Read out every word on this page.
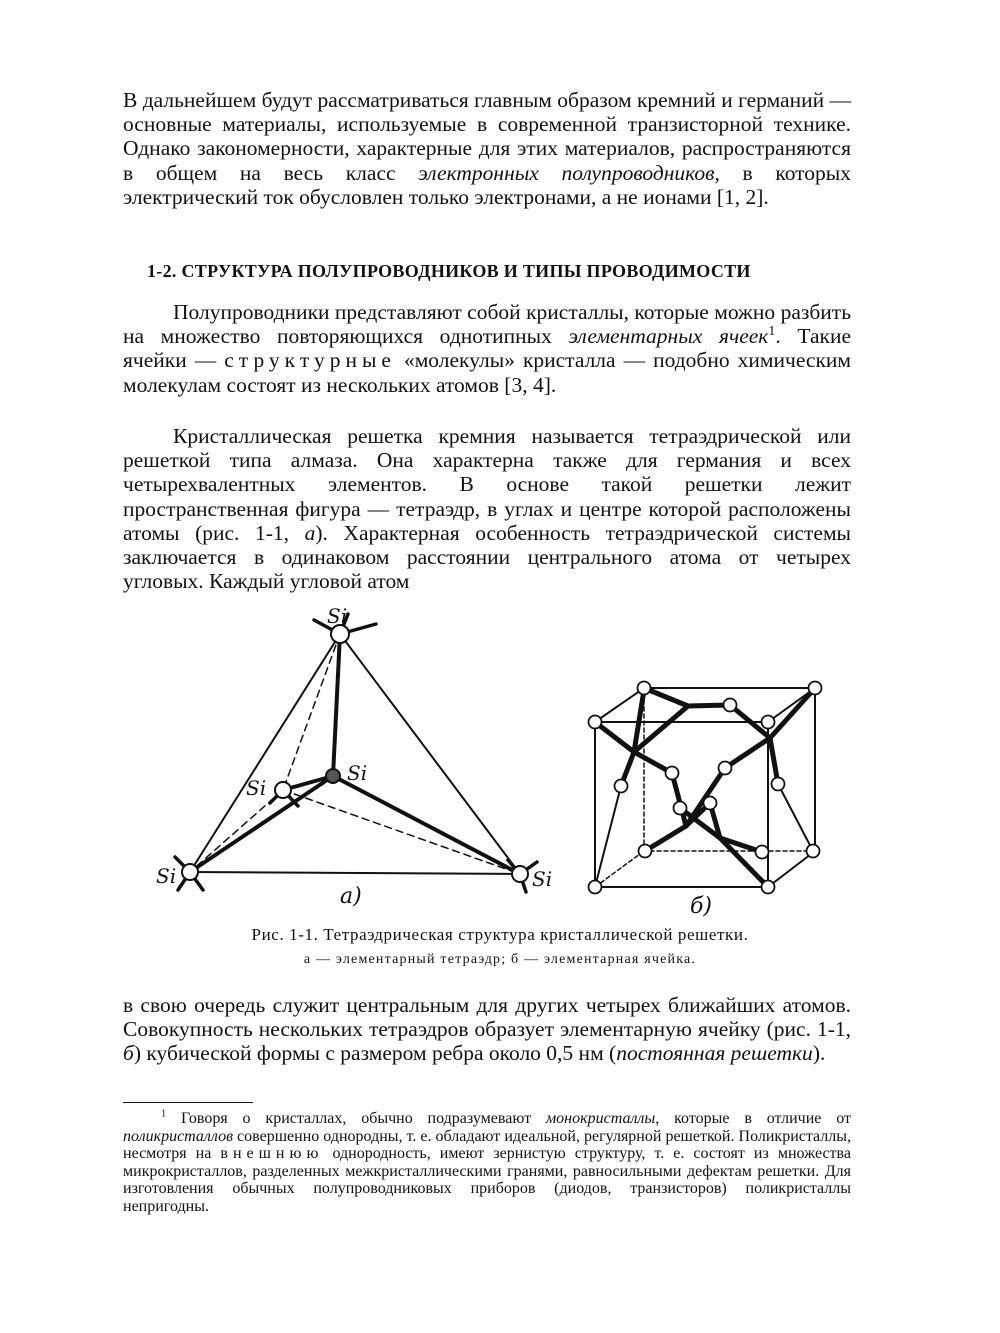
В дальнейшем будут рассматриваться главным образом кремний и германий — основные материалы, используемые в современной транзисторной технике. Однако закономерности, характерные для этих материалов, распространяются в общем на весь класс электронных полупроводников, в которых электрический ток обусловлен только электронами, а не ионами [1, 2].

1-2. СТРУКТУРА ПОЛУПРОВОДНИКОВ И ТИПЫ ПРОВОДИМОСТИ

Полупроводники представляют собой кристаллы, которые можно разбить на множество повторяющихся однотипных элементарных ячеек$^1$. Такие ячейки — структурные «молекулы» кристалла — подобно химическим молекулам состоят из нескольких атомов [3, 4].

Кристаллическая решетка кремния называется тетраэдрической или решеткой типа алмаза. Она характерна также для германия и всех четырехвалентных элементов. В основе такой решетки лежит пространственная фигура — тетраэдр, в углах и центре которой расположены атомы (рис. 1-1, а). Характерная особенность тетраэдрической системы заключается в одинаковом расстоянии центрального атома от четырех угловых. Каждый угловой атом

Si
Si
Si
Si	Si
а)	б)

Рис. 1-1. Тетраэдрическая структура кристаллической решетки.

а — элементарный тетраэдр; б — элементарная ячейка.

в свою очередь служит центральным для других четырех ближайших атомов. Совокупность нескольких тетраэдров образует элементарную ячейку (рис. 1-1, б) кубической формы с размером ребра около 0,5 нм (постоянная решетки).

$^1$ Говоря о кристаллах, обычно подразумевают монокристаллы, которые в отличие от поликристаллов совершенно однородны, т. е. обладают идеальной, регулярной решеткой. Поликристаллы, несмотря на внешнюю однородность, имеют зернистую структуру, т. е. состоят из множества микрокристаллов, разделенных межкристаллическими гранями, равносильными дефектам решетки. Для изготовления обычных полупроводниковых приборов (диодов, транзисторов) поликристаллы непригодны.
